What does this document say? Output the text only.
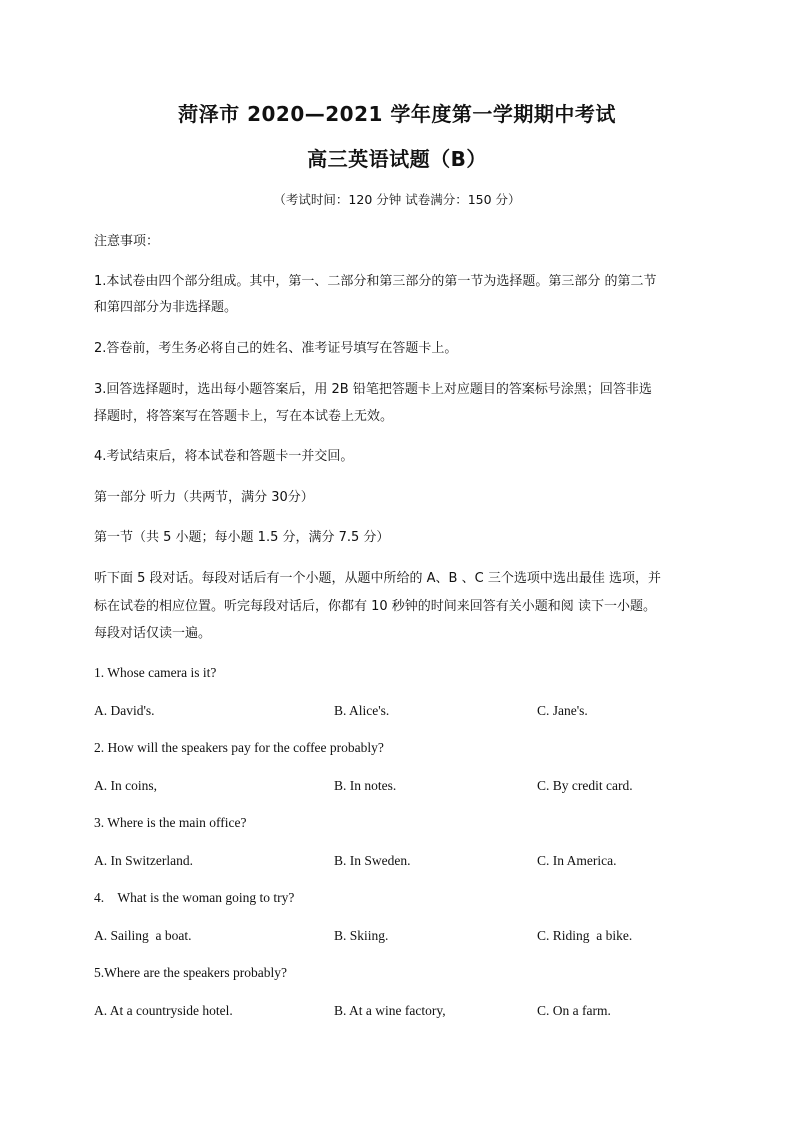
菏泽市 2020—2021 学年度第一学期期中考试
高三英语试题（B）
（考试时间：120 分钟 试卷满分：150 分）
注意事项：
1.本试卷由四个部分组成。其中，第一、二部分和第三部分的第一节为选择题。第三部分 的第二节
和第四部分为非选择题。
2.答卷前，考生务必将自己的姓名、准考证号填写在答题卡上。
3.回答选择题时，选出每小题答案后，用 2B 铅笔把答题卡上对应题目的答案标号涂黑；回答非选
择题时，将答案写在答题卡上，写在本试卷上无效。
4.考试结束后，将本试卷和答题卡一并交回。
第一部分 听力（共两节，满分 30分）
第一节（共 5 小题；每小题 1.5 分，满分 7.5 分）
听下面 5 段对话。每段对话后有一个小题，从题中所给的 A、B 、C 三个选项中选出最佳 选项，并
标在试卷的相应位置。听完每段对话后，你都有 10 秒钟的时间来回答有关小题和阅 读下一小题。
每段对话仅读一遍。
1. Whose camera is it?
A. David's.	B. Alice's.	C. Jane's.
2. How will the speakers pay for the coffee probably?
A. In coins,	B. In notes.	C. By credit card.
3. Where is the main office?
A. In Switzerland.	B. In Sweden.	C. In America.
4.    What is the woman going to try?
A. Sailing  a boat.	B. Skiing.	C. Riding  a bike.
5.Where are the speakers probably?
A. At a countryside hotel.	B. At a wine factory,	C. On a farm.
